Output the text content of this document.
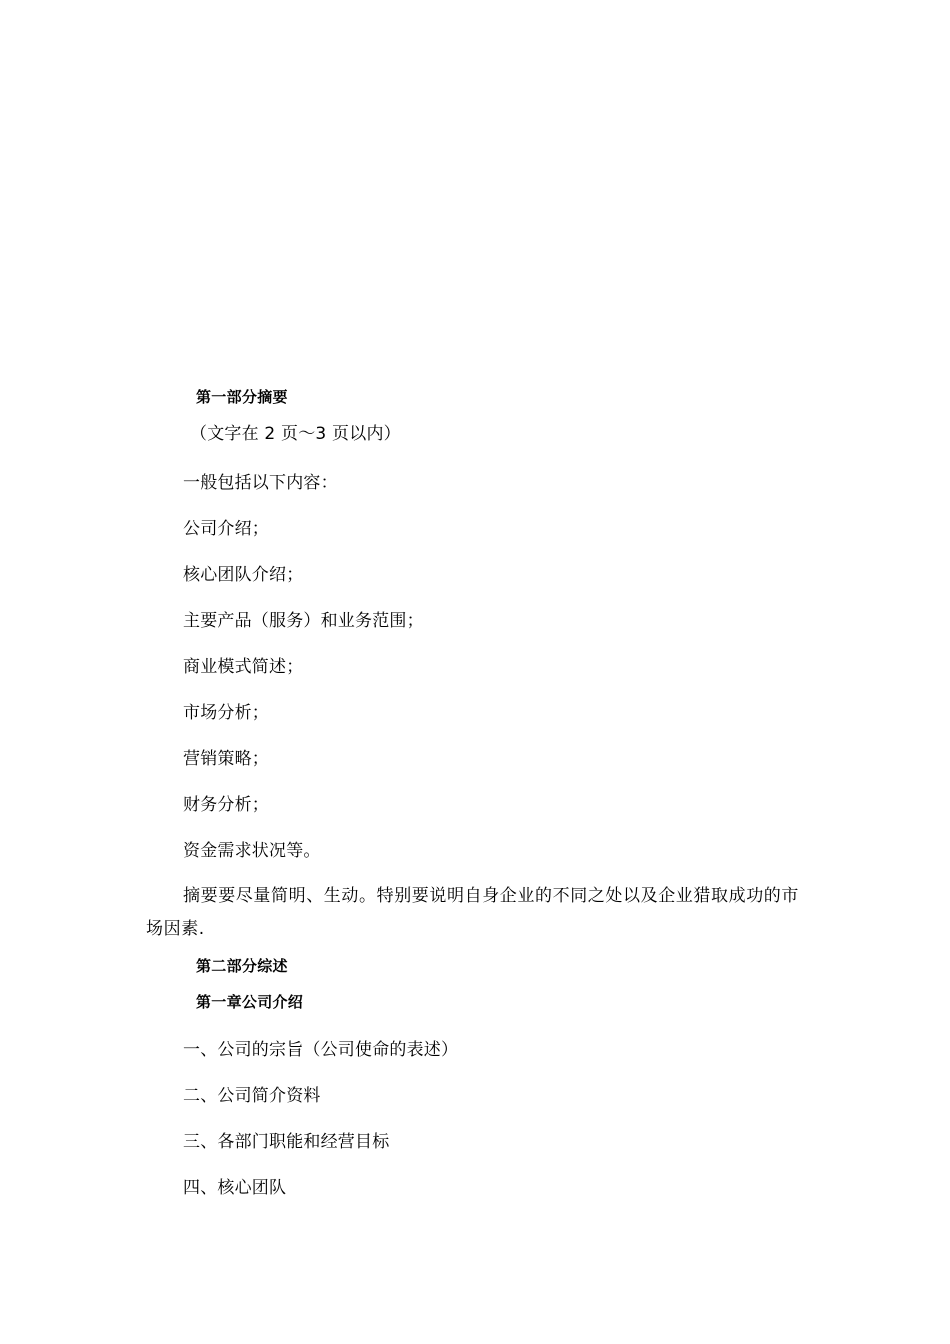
第一部分摘要
（文字在 2 页～3 页以内）
一般包括以下内容：
公司介绍；
核心团队介绍；
主要产品（服务）和业务范围；
商业模式简述；
市场分析；
营销策略；
财务分析；
资金需求状况等。
摘要要尽量简明、生动。特别要说明自身企业的不同之处以及企业猎取成功的市场因素.
第二部分综述
第一章公司介绍
一、公司的宗旨（公司使命的表述）
二、公司简介资料
三、各部门职能和经营目标
四、核心团队
